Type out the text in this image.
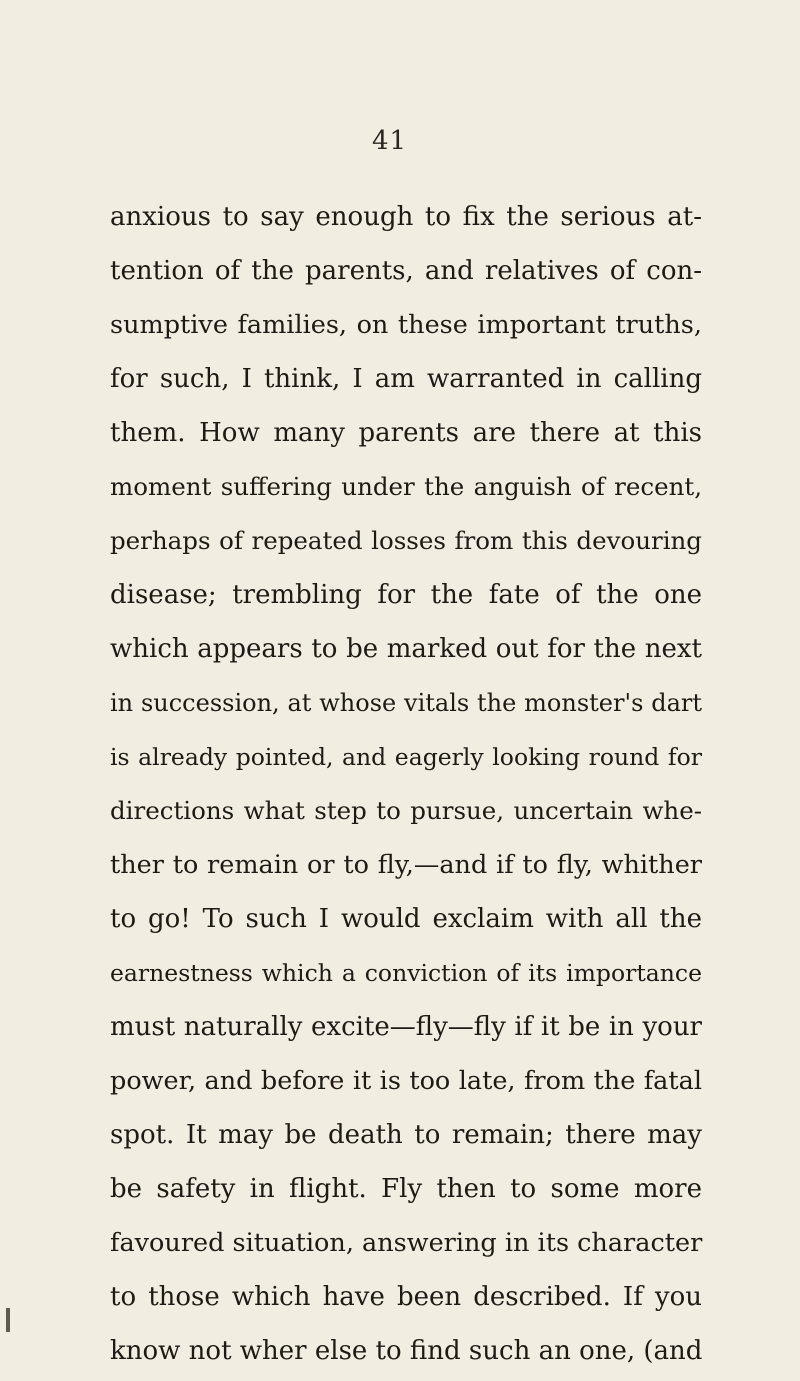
41
anxious to say enough to fix the serious at-
tention of the parents, and relatives of con-
sumptive families, on these important truths,
for such, I think, I am warranted in calling
them. How many parents are there at this
moment suffering under the anguish of recent,
perhaps of repeated losses from this devouring
disease; trembling for the fate of the one
which appears to be marked out for the next
in succession, at whose vitals the monster's dart
is already pointed, and eagerly looking round for
directions what step to pursue, uncertain whe-
ther to remain or to fly,—and if to fly, whither
to go! To such I would exclaim with all the
earnestness which a conviction of its importance
must naturally excite—fly—fly if it be in your
power, and before it is too late, from the fatal
spot. It may be death to remain; there may
be safety in flight. Fly then to some more
favoured situation, answering in its character
to those which have been described. If you
know not wher else to find such an one, (and
